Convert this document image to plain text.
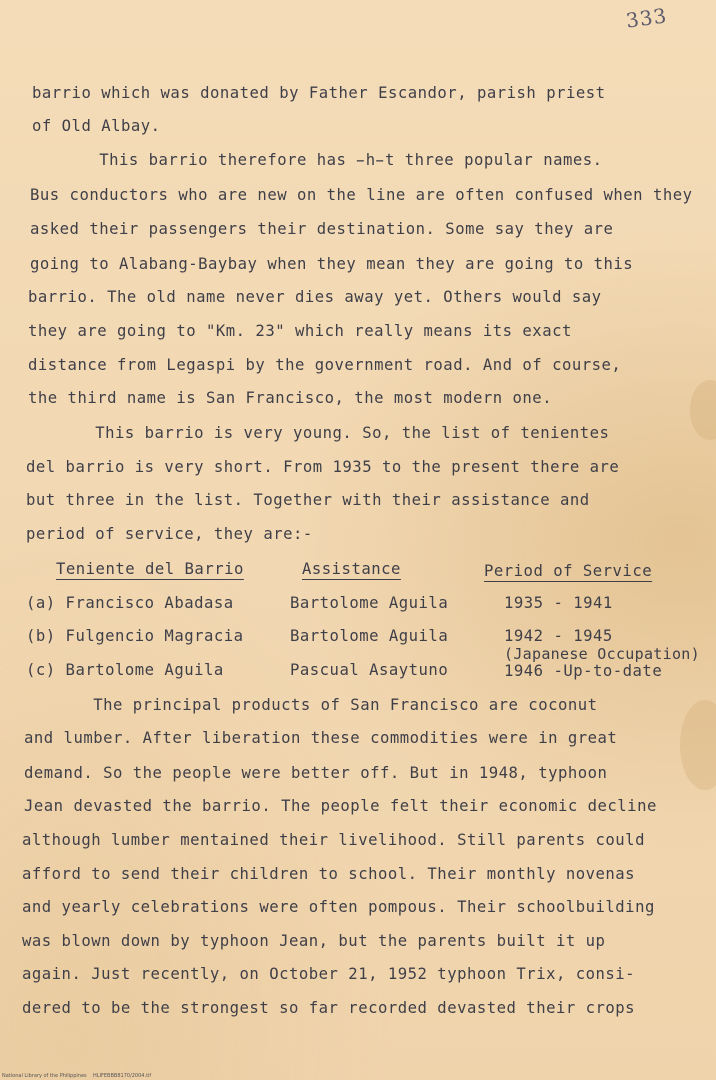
333
barrio which was donated by Father Escandor, parish priest
of Old Albay.
This barrio therefore has ̵h̵t three popular names.
Bus conductors who are new on the line are often confused when they
asked their passengers their destination. Some say they are
going to Alabang-Baybay when they mean they are going to this
barrio. The old name never dies away yet. Others would say
they are going to "Km. 23" which really means its exact
distance from Legaspi by the government road. And of course,
the third name is San Francisco, the most modern one.
This barrio is very young. So, the list of tenientes
del barrio is very short. From 1935 to the present there are
but three in the list. Together with their assistance and
period of service, they are:-
Teniente del Barrio	Assistance	Period of Service
(a) Francisco Abadasa	Bartolome Aguila	1935 - 1941
(b) Fulgencio Magracia	Bartolome Aguila	1942 - 1945
(Japanese Occupation)
(c) Bartolome Aguila	Pascual Asaytuno	1946 -Up-to-date
The principal products of San Francisco are coconut
and lumber. After liberation these commodities were in great
demand. So the people were better off. But in 1948, typhoon
Jean devasted the barrio. The people felt their economic decline
although lumber mentained their livelihood. Still parents could
afford to send their children to school. Their monthly novenas
and yearly celebrations were often pompous. Their schoolbuilding
was blown down by typhoon Jean, but the parents built it up
again. Just recently, on October 21, 1952 typhoon Trix, consi-
dered to be the strongest so far recorded devasted their crops
National Library of the Philippines    HLIFEBBB8170/2004.tif
